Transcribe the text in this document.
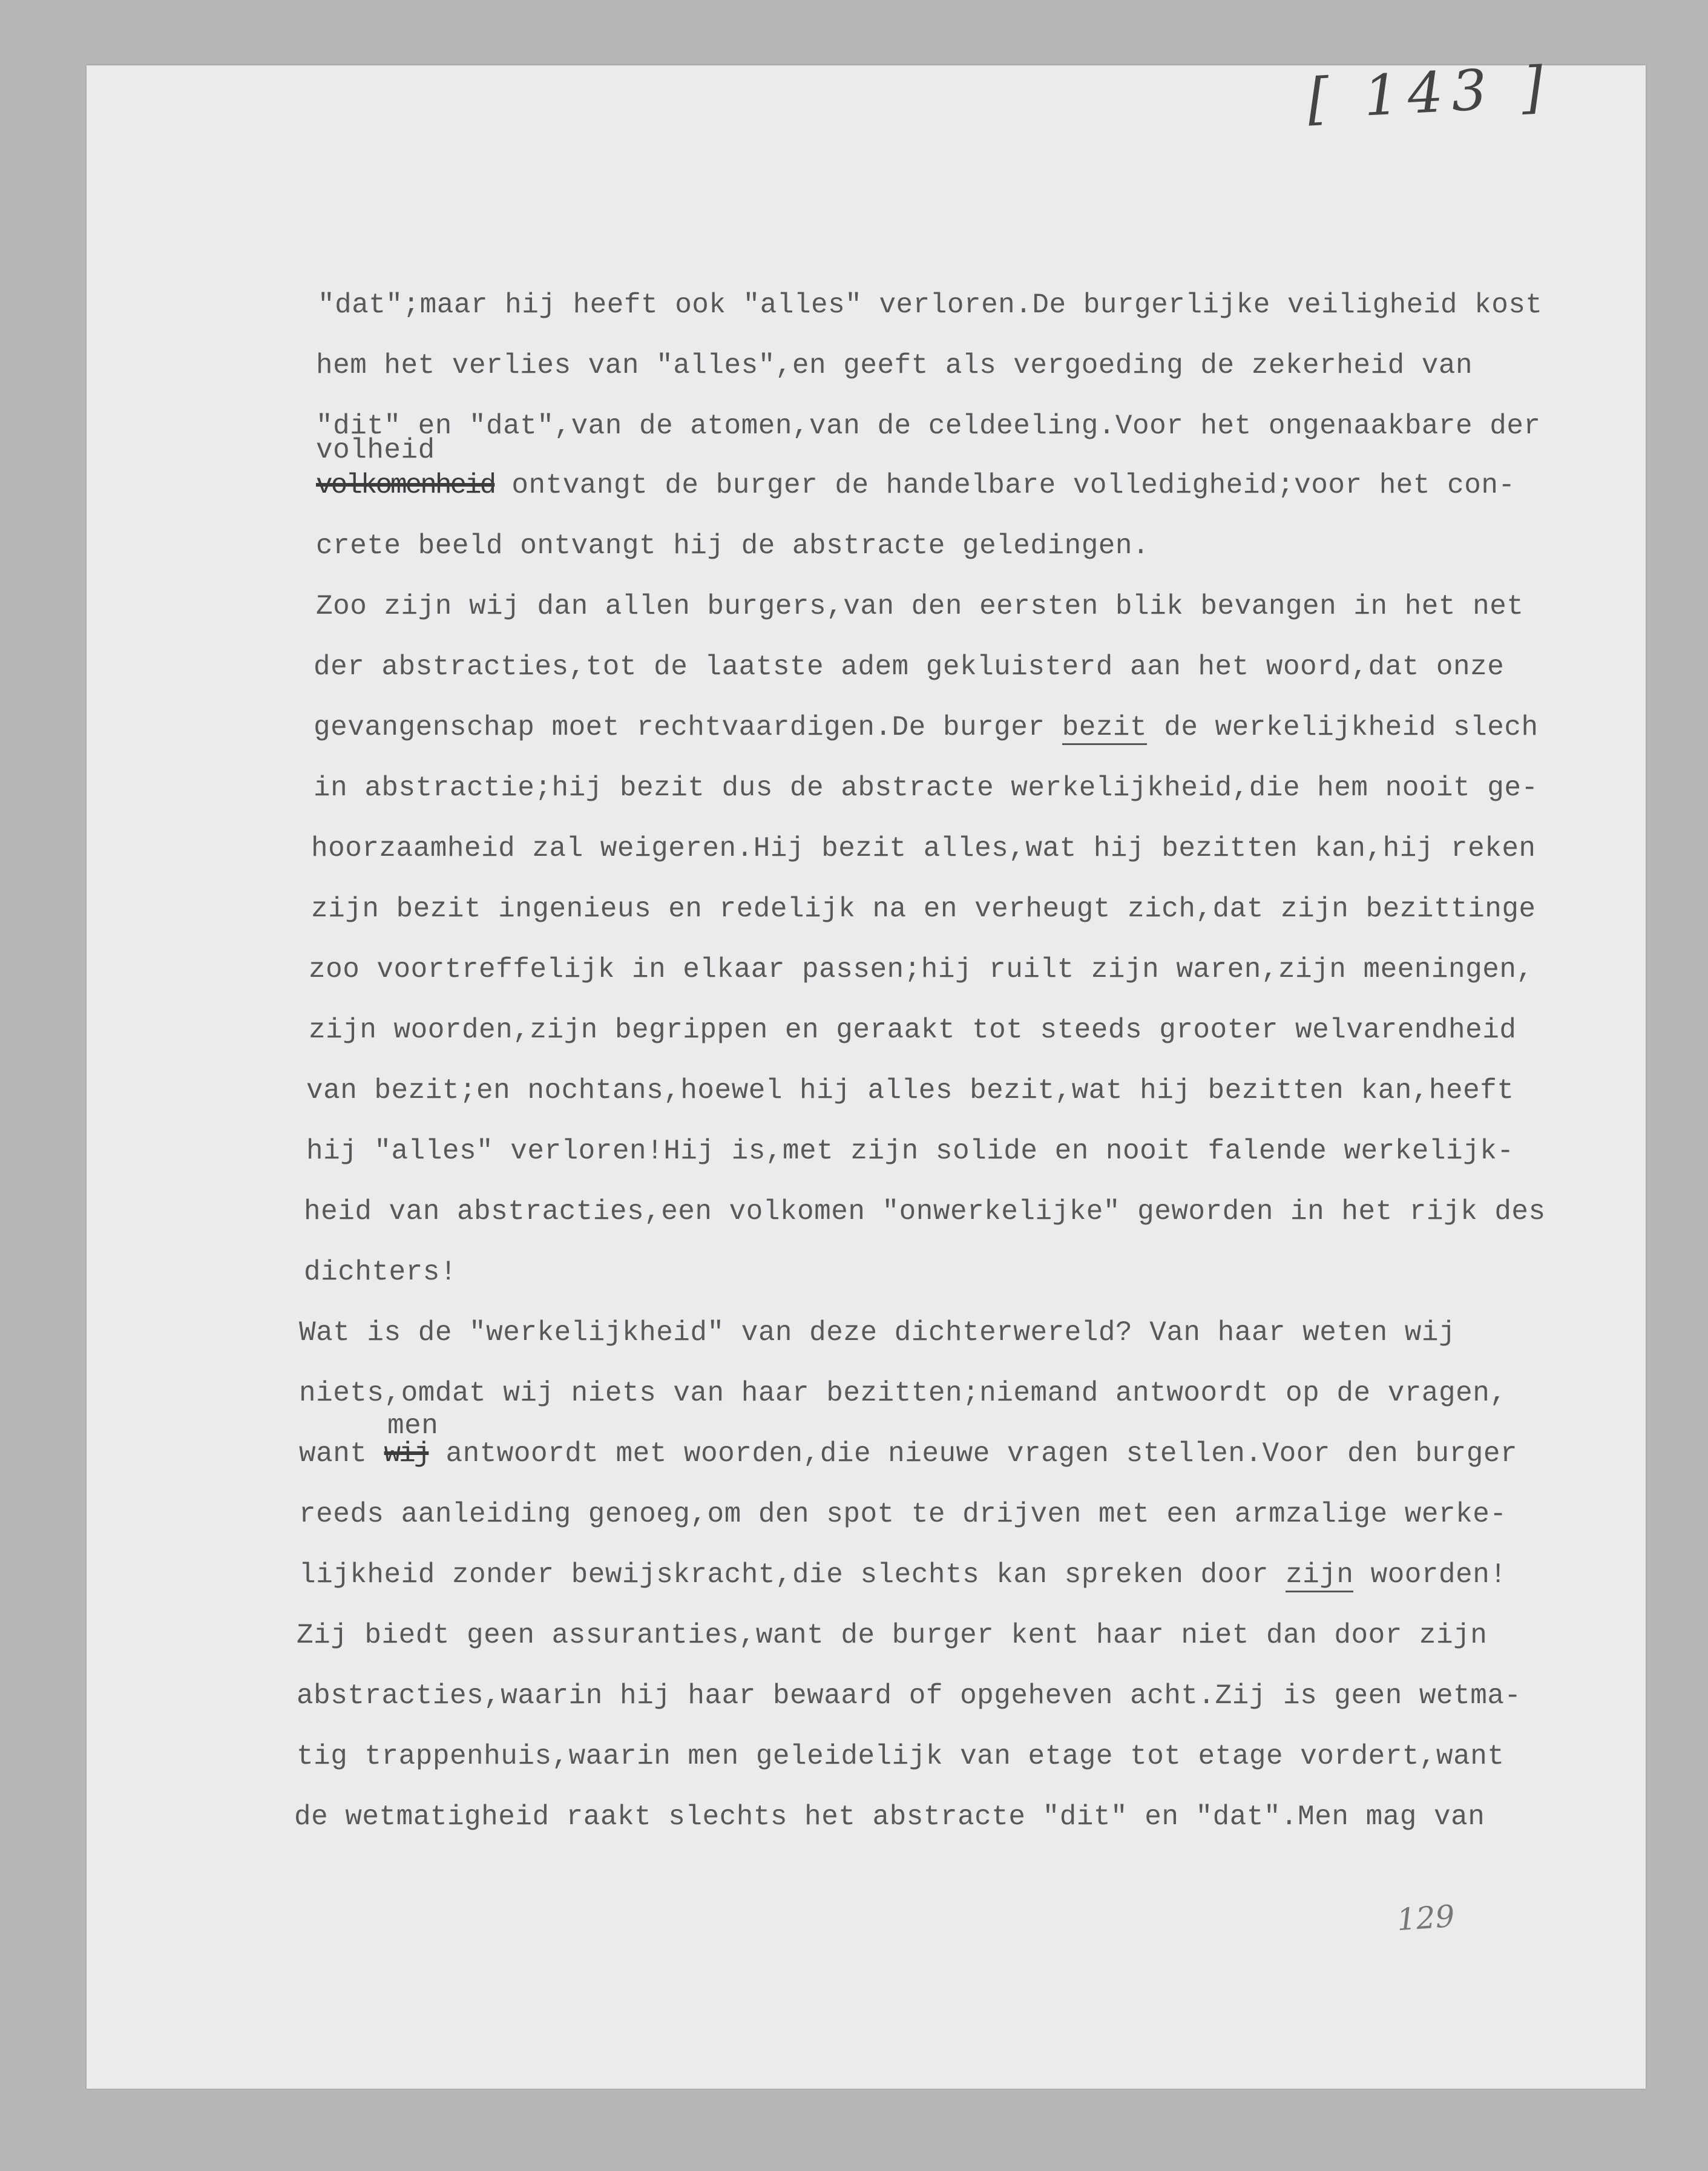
[ 143 ]
"dat";maar hij heeft ook "alles" verloren.De burgerlijke veiligheid kost
hem het verlies van "alles",en geeft als vergoeding de zekerheid van
"dit" en "dat",van de atomen,van de celdeeling.Voor het ongenaakbare der
volheid
volkomenheid ontvangt de burger de handelbare volledigheid;voor het con-
crete beeld ontvangt hij de abstracte geledingen.
Zoo zijn wij dan allen burgers,van den eersten blik bevangen in het net
der abstracties,tot de laatste adem gekluisterd aan het woord,dat onze
gevangenschap moet rechtvaardigen.De burger bezit de werkelijkheid slech
in abstractie;hij bezit dus de abstracte werkelijkheid,die hem nooit ge-
hoorzaamheid zal weigeren.Hij bezit alles,wat hij bezitten kan,hij reken
zijn bezit ingenieus en redelijk na en verheugt zich,dat zijn bezittinge
zoo voortreffelijk in elkaar passen;hij ruilt zijn waren,zijn meeningen,
zijn woorden,zijn begrippen en geraakt tot steeds grooter welvarendheid
van bezit;en nochtans,hoewel hij alles bezit,wat hij bezitten kan,heeft
hij "alles" verloren!Hij is,met zijn solide en nooit falende werkelijk-
heid van abstracties,een volkomen "onwerkelijke" geworden in het rijk des
dichters!
Wat is de "werkelijkheid" van deze dichterwereld? Van haar weten wij
niets,omdat wij niets van haar bezitten;niemand antwoordt op de vragen,
men
want wij antwoordt met woorden,die nieuwe vragen stellen.Voor den burger
reeds aanleiding genoeg,om den spot te drijven met een armzalige werke-
lijkheid zonder bewijskracht,die slechts kan spreken door zijn woorden!
Zij biedt geen assuranties,want de burger kent haar niet dan door zijn
abstracties,waarin hij haar bewaard of opgeheven acht.Zij is geen wetma-
tig trappenhuis,waarin men geleidelijk van etage tot etage vordert,want
de wetmatigheid raakt slechts het abstracte "dit" en "dat".Men mag van
129
